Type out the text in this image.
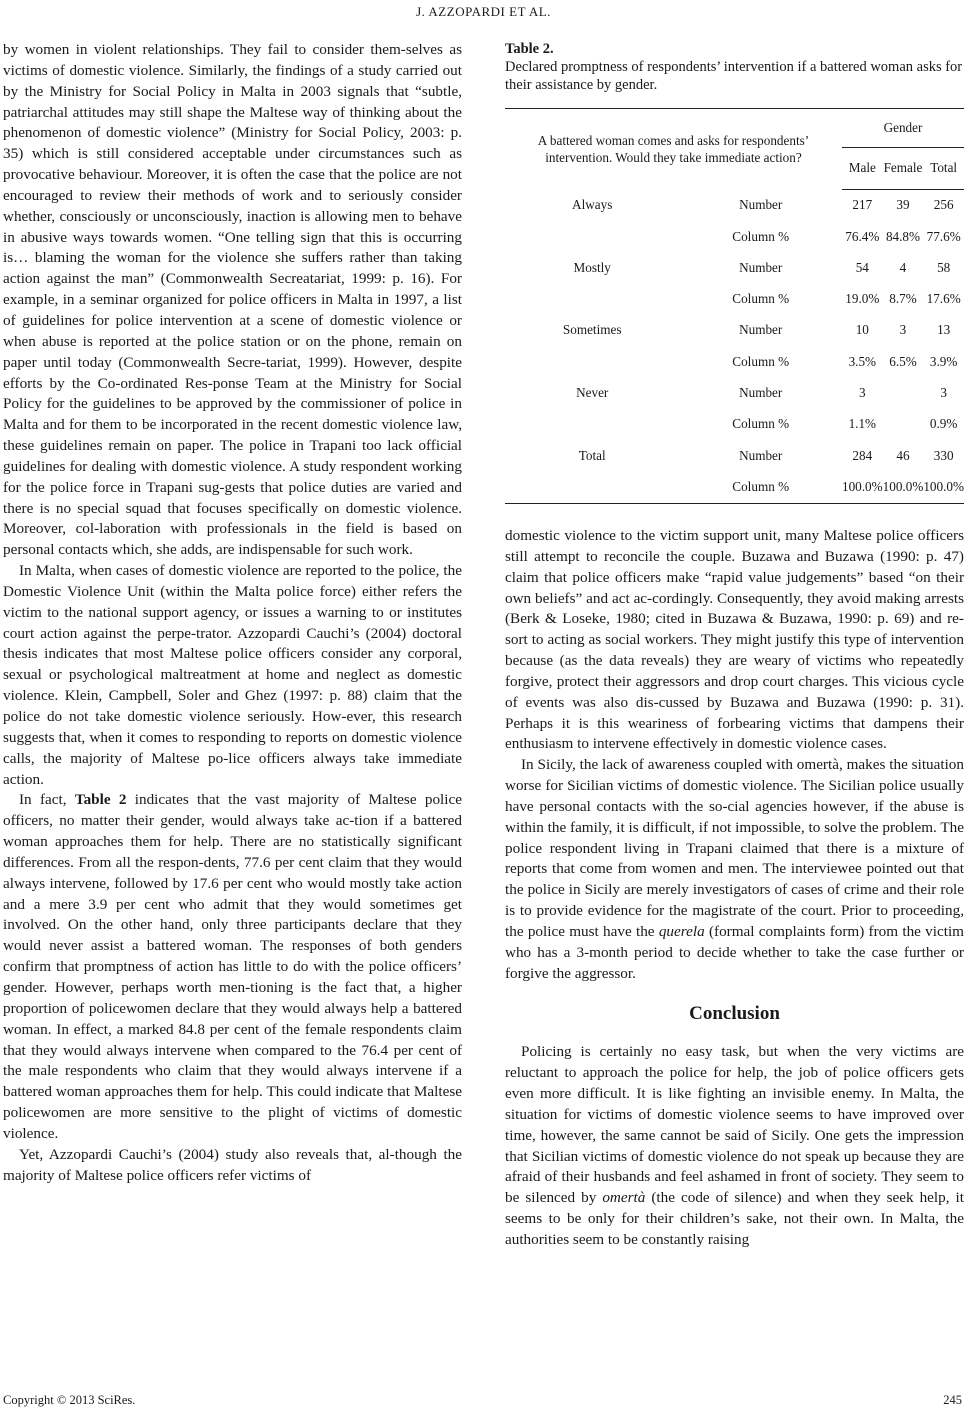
J. AZZOPARDI ET AL.

by women in violent relationships. They fail to consider them-selves as victims of domestic violence. Similarly, the findings of a study carried out by the Ministry for Social Policy in Malta in 2003 signals that “subtle, patriarchal attitudes may still shape the Maltese way of thinking about the phenomenon of domestic violence” (Ministry for Social Policy, 2003: p. 35) which is still considered acceptable under circumstances such as provocative behaviour. Moreover, it is often the case that the police are not encouraged to review their methods of work and to seriously consider whether, consciously or unconsciously, inaction is allowing men to behave in abusive ways towards women. “One telling sign that this is occurring is… blaming the woman for the violence she suffers rather than taking action against the man” (Commonwealth Secreatariat, 1999: p. 16). For example, in a seminar organized for police officers in Malta in 1997, a list of guidelines for police intervention at a scene of domestic violence or when abuse is reported at the police station or on the phone, remain on paper until today (Commonwealth Secre-tariat, 1999). However, despite efforts by the Co-ordinated Res-ponse Team at the Ministry for Social Policy for the guidelines to be approved by the commissioner of police in Malta and for them to be incorporated in the recent domestic violence law, these guidelines remain on paper. The police in Trapani too lack official guidelines for dealing with domestic violence. A study respondent working for the police force in Trapani sug-gests that police duties are varied and there is no special squad that focuses specifically on domestic violence. Moreover, col-laboration with professionals in the field is based on personal contacts which, she adds, are indispensable for such work.

In Malta, when cases of domestic violence are reported to the police, the Domestic Violence Unit (within the Malta police force) either refers the victim to the national support agency, or issues a warning to or institutes court action against the perpe-trator. Azzopardi Cauchi’s (2004) doctoral thesis indicates that most Maltese police officers consider any corporal, sexual or psychological maltreatment at home and neglect as domestic violence. Klein, Campbell, Soler and Ghez (1997: p. 88) claim that the police do not take domestic violence seriously. How-ever, this research suggests that, when it comes to responding to reports on domestic violence calls, the majority of Maltese po-lice officers always take immediate action.

In fact, Table 2 indicates that the vast majority of Maltese police officers, no matter their gender, would always take ac-tion if a battered woman approaches them for help. There are no statistically significant differences. From all the respon-dents, 77.6 per cent claim that they would always intervene, followed by 17.6 per cent who would mostly take action and a mere 3.9 per cent who admit that they would sometimes get involved. On the other hand, only three participants declare that they would never assist a battered woman. The responses of both genders confirm that promptness of action has little to do with the police officers’ gender. However, perhaps worth men-tioning is the fact that, a higher proportion of policewomen declare that they would always help a battered woman. In effect, a marked 84.8 per cent of the female respondents claim that they would always intervene when compared to the 76.4 per cent of the male respondents who claim that they would always intervene if a battered woman approaches them for help. This could indicate that Maltese policewomen are more sensitive to the plight of victims of domestic violence.

Yet, Azzopardi Cauchi’s (2004) study also reveals that, al-though the majority of Maltese police officers refer victims of

Table 2.

Declared promptness of respondents’ intervention if a battered woman asks for their assistance by gender.

A battered woman comes and asks for respondents’ intervention. Would they take immediate action?		Gender		
		Male	Female	Total
Always	Number	217	39	256
	Column %	76.4%	84.8%	77.6%
Mostly	Number	54	4	58
	Column %	19.0%	8.7%	17.6%
Sometimes	Number	10	3	13
	Column %	3.5%	6.5%	3.9%
Never	Number	3		3
	Column %	1.1%		0.9%
Total	Number	284	46	330
	Column %	100.0%	100.0%	100.0%

domestic violence to the victim support unit, many Maltese police officers still attempt to reconcile the couple. Buzawa and Buzawa (1990: p. 47) claim that police officers make “rapid value judgements” based “on their own beliefs” and act ac-cordingly. Consequently, they avoid making arrests (Berk & Loseke, 1980; cited in Buzawa & Buzawa, 1990: p. 69) and re-sort to acting as social workers. They might justify this type of intervention because (as the data reveals) they are weary of victims who repeatedly forgive, protect their aggressors and drop court charges. This vicious cycle of events was also dis-cussed by Buzawa and Buzawa (1990: p. 31). Perhaps it is this weariness of forbearing victims that dampens their enthusiasm to intervene effectively in domestic violence cases.

In Sicily, the lack of awareness coupled with omertà, makes the situation worse for Sicilian victims of domestic violence. The Sicilian police usually have personal contacts with the so-cial agencies however, if the abuse is within the family, it is difficult, if not impossible, to solve the problem. The police respondent living in Trapani claimed that there is a mixture of reports that come from women and men. The interviewee pointed out that the police in Sicily are merely investigators of cases of crime and their role is to provide evidence for the magistrate of the court. Prior to proceeding, the police must have the querela (formal complaints form) from the victim who has a 3-month period to decide whether to take the case further or forgive the aggressor.

Conclusion

Policing is certainly no easy task, but when the very victims are reluctant to approach the police for help, the job of police officers gets even more difficult. It is like fighting an invisible enemy. In Malta, the situation for victims of domestic violence seems to have improved over time, however, the same cannot be said of Sicily. One gets the impression that Sicilian victims of domestic violence do not speak up because they are afraid of their husbands and feel ashamed in front of society. They seem to be silenced by omertà (the code of silence) and when they seek help, it seems to be only for their children’s sake, not their own. In Malta, the authorities seem to be constantly raising

Copyright © 2013 SciRes.	245
